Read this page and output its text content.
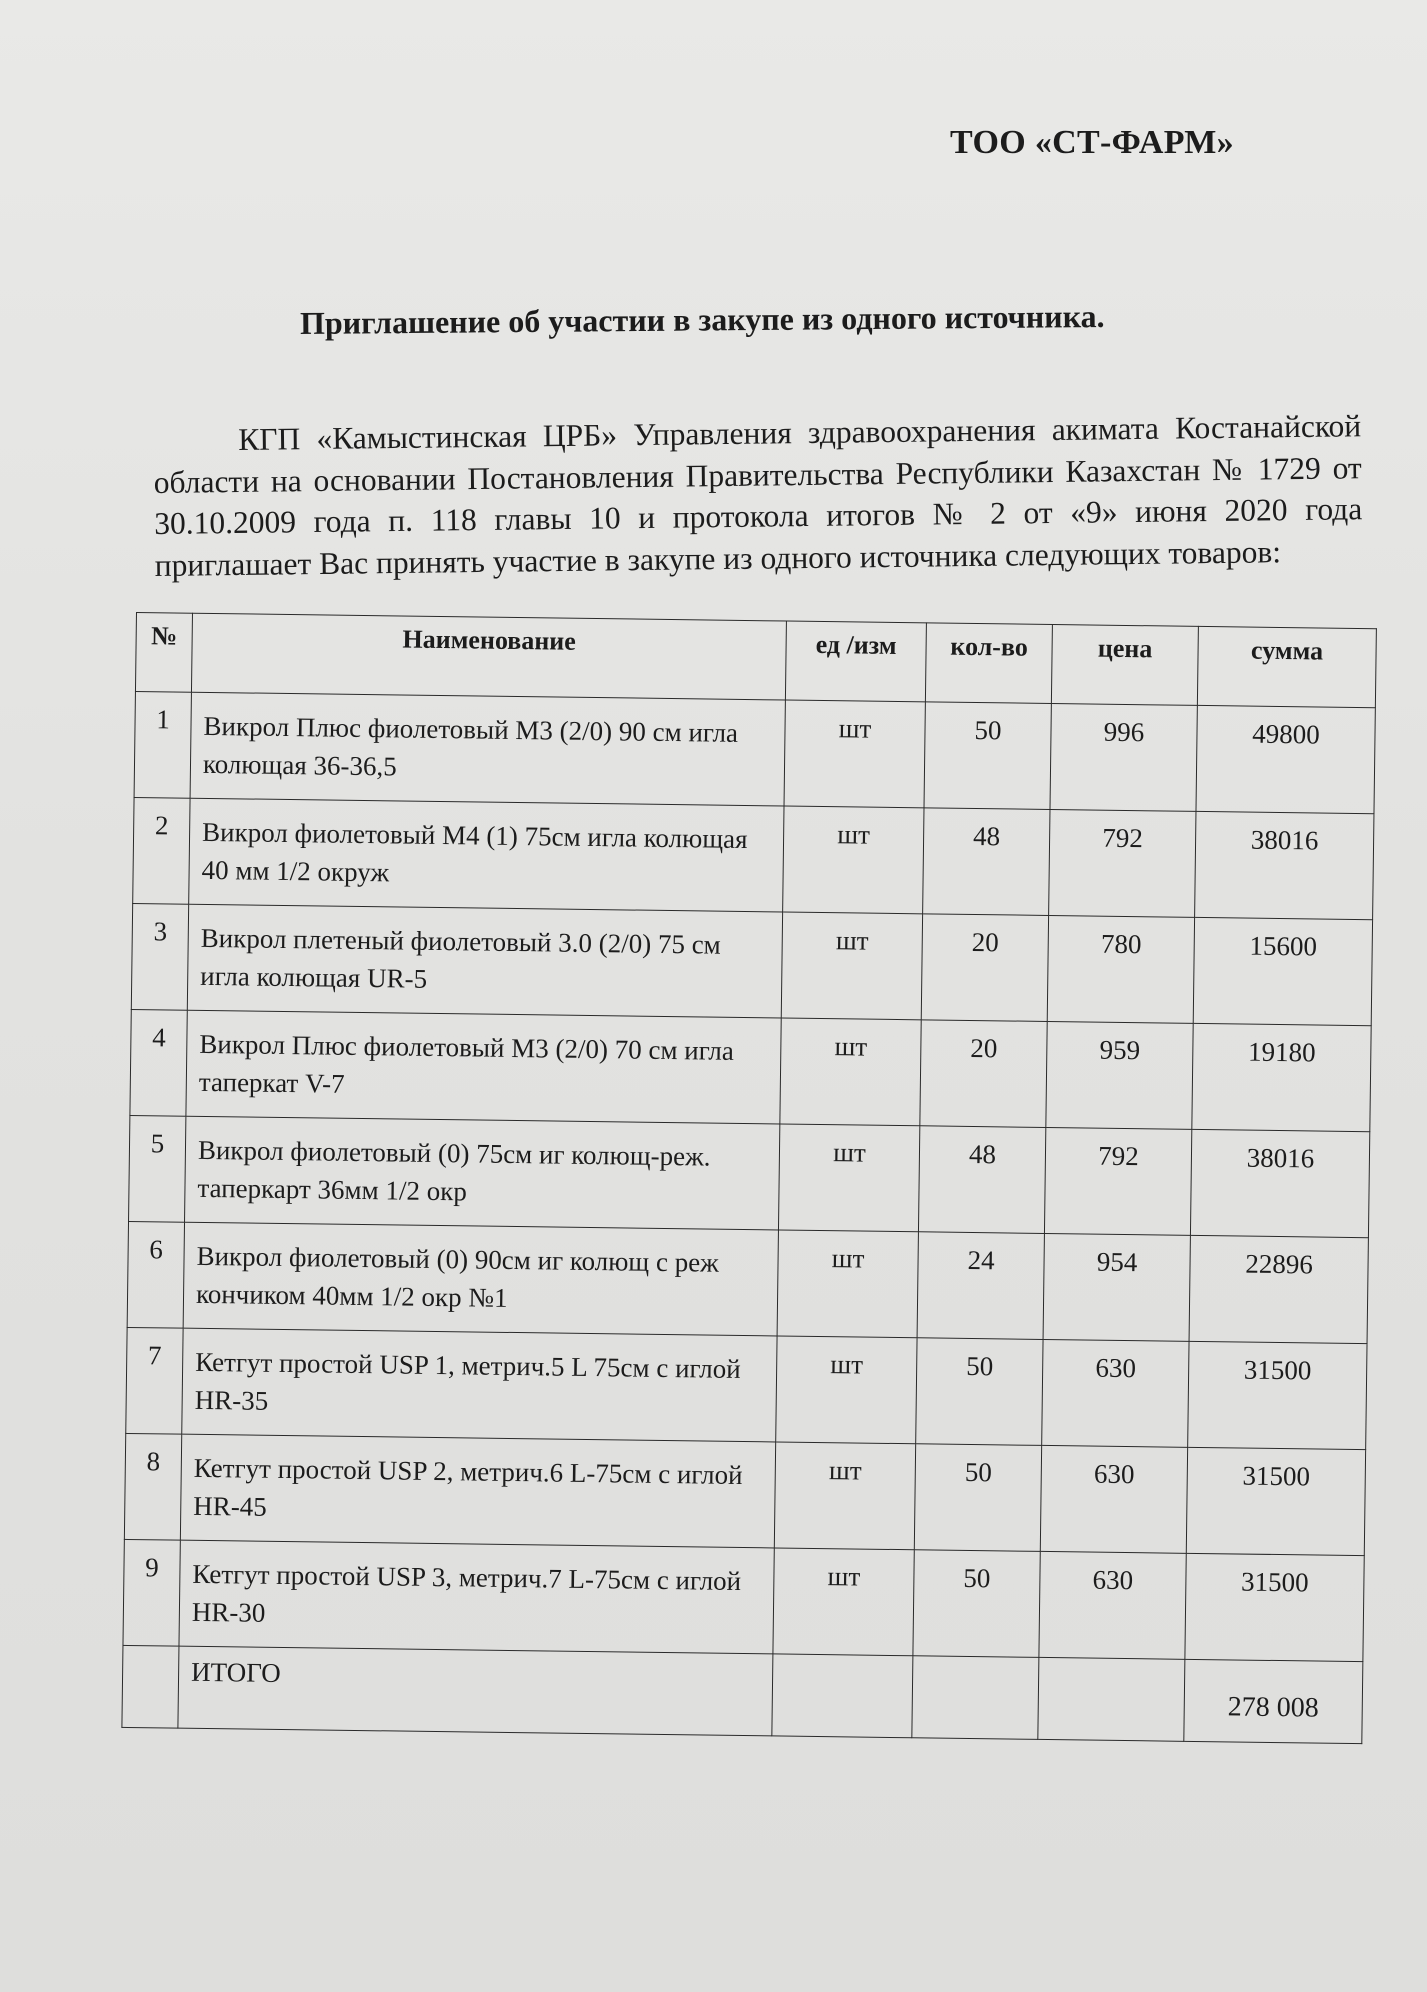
ТОО «СТ-ФАРМ»
Приглашение об участии в закупе из одного источника.
КГП «Камыстинская ЦРБ» Управления здравоохранения акимата Костанайской области на основании Постановления Правительства Республики Казахстан № 1729 от 30.10.2009 года п. 118 главы 10 и протокола итогов № 2 от «9» июня 2020 года приглашает Вас принять участие в закупе из одного источника следующих товаров:
№	Наименование	ед /изм	кол-во	цена	сумма
1	Викрол Плюс фиолетовый М3 (2/0) 90 см игла колющая 36-36,5	шт	50	996	49800
2	Викрол фиолетовый М4 (1) 75см игла колющая 40 мм 1/2 окруж	шт	48	792	38016
3	Викрол плетеный фиолетовый 3.0 (2/0) 75 см игла колющая UR-5	шт	20	780	15600
4	Викрол Плюс фиолетовый М3 (2/0) 70 см игла таперкат V-7	шт	20	959	19180
5	Викрол фиолетовый (0) 75см иг колющ-реж. таперкарт 36мм 1/2 окр	шт	48	792	38016
6	Викрол фиолетовый (0) 90см иг колющ с реж кончиком 40мм 1/2 окр №1	шт	24	954	22896
7	Кетгут простой USP 1, метрич.5 L 75см с иглой HR-35	шт	50	630	31500
8	Кетгут простой USP 2, метрич.6 L-75см с иглой HR-45	шт	50	630	31500
9	Кетгут простой USP 3, метрич.7 L-75см с иглой HR-30	шт	50	630	31500
	ИТОГО				278 008
